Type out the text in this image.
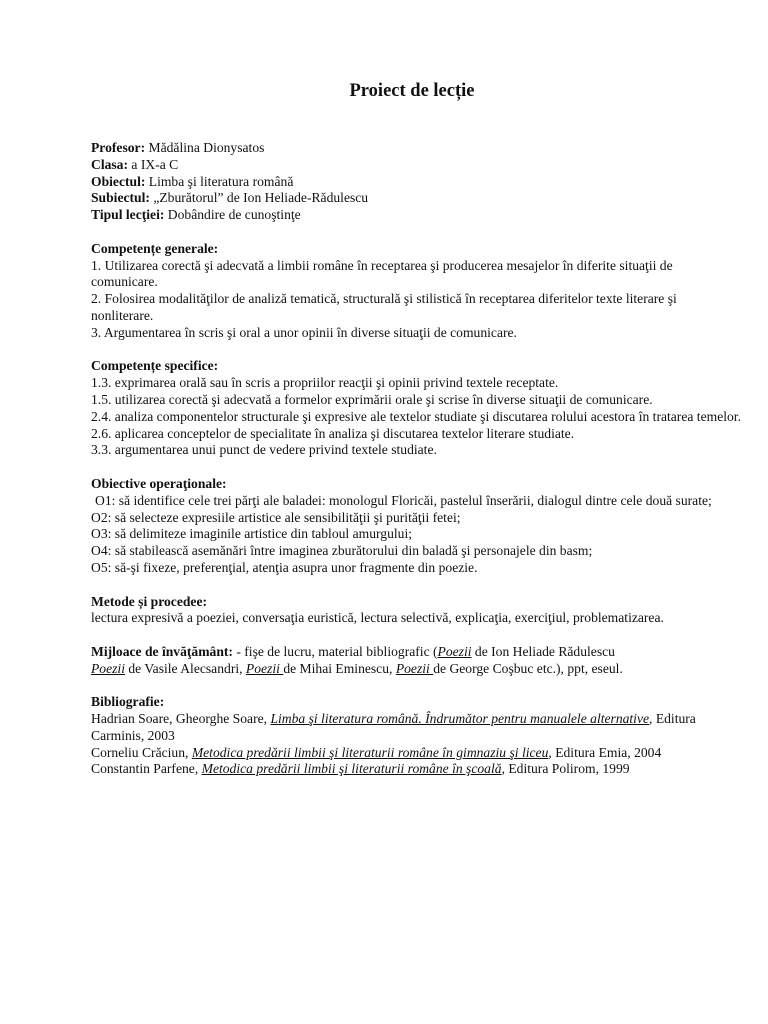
Proiect de lecție

Profesor: Mădălina Dionysatos

Clasa: a IX-a C

Obiectul: Limba şi literatura română

Subiectul: „Zburătorul” de Ion Heliade-Rădulescu

Tipul lecţiei: Dobândire de cunoştinţe

Competențe generale:

1. Utilizarea corectă şi adecvată a limbii române în receptarea şi producerea mesajelor în diferite situaţii de comunicare.

2. Folosirea modalităţilor de analiză tematică, structurală şi stilistică în receptarea diferitelor texte literare şi nonliterare.

3. Argumentarea în scris şi oral a unor opinii în diverse situaţii de comunicare.

Competențe specifice:

1.3. exprimarea orală sau în scris a propriilor reacţii şi opinii privind textele receptate.

1.5. utilizarea corectă şi adecvată a formelor exprimării orale şi scrise în diverse situaţii de comunicare.

2.4. analiza componentelor structurale şi expresive ale textelor studiate şi discutarea rolului acestora în tratarea temelor.

2.6. aplicarea conceptelor de specialitate în analiza şi discutarea textelor literare studiate.

3.3. argumentarea unui punct de vedere privind textele studiate.

Obiective operaţionale:

O1: să identifice cele trei părţi ale baladei: monologul Floricăi, pastelul înserării, dialogul dintre cele două surate;

O2: să selecteze expresiile artistice ale sensibilităţii şi purităţii fetei;

O3: să delimiteze imaginile artistice din tabloul amurgului;

O4: să stabilească asemănări între imaginea zburătorului din baladă şi personajele din basm;

O5: să-şi fixeze, preferenţial, atenţia asupra unor fragmente din poezie.

Metode și procedee:

lectura expresivă a poeziei, conversaţia euristică, lectura selectivă, explicaţia, exerciţiul, problematizarea.

Mijloace de învăţământ: - fişe de lucru, material bibliografic (Poezii de Ion Heliade Rădulescu
Poezii de Vasile Alecsandri, Poezii de Mihai Eminescu, Poezii de George Coşbuc etc.), ppt, eseul.

Bibliografie:

Hadrian Soare, Gheorghe Soare, Limba şi literatura română. Îndrumător pentru manualele alternative, Editura Carminis, 2003

Corneliu Crăciun, Metodica predării limbii şi literaturii române în gimnaziu şi liceu, Editura Emia, 2004

Constantin Parfene, Metodica predării limbii şi literaturii române în şcoală, Editura Polirom, 1999
